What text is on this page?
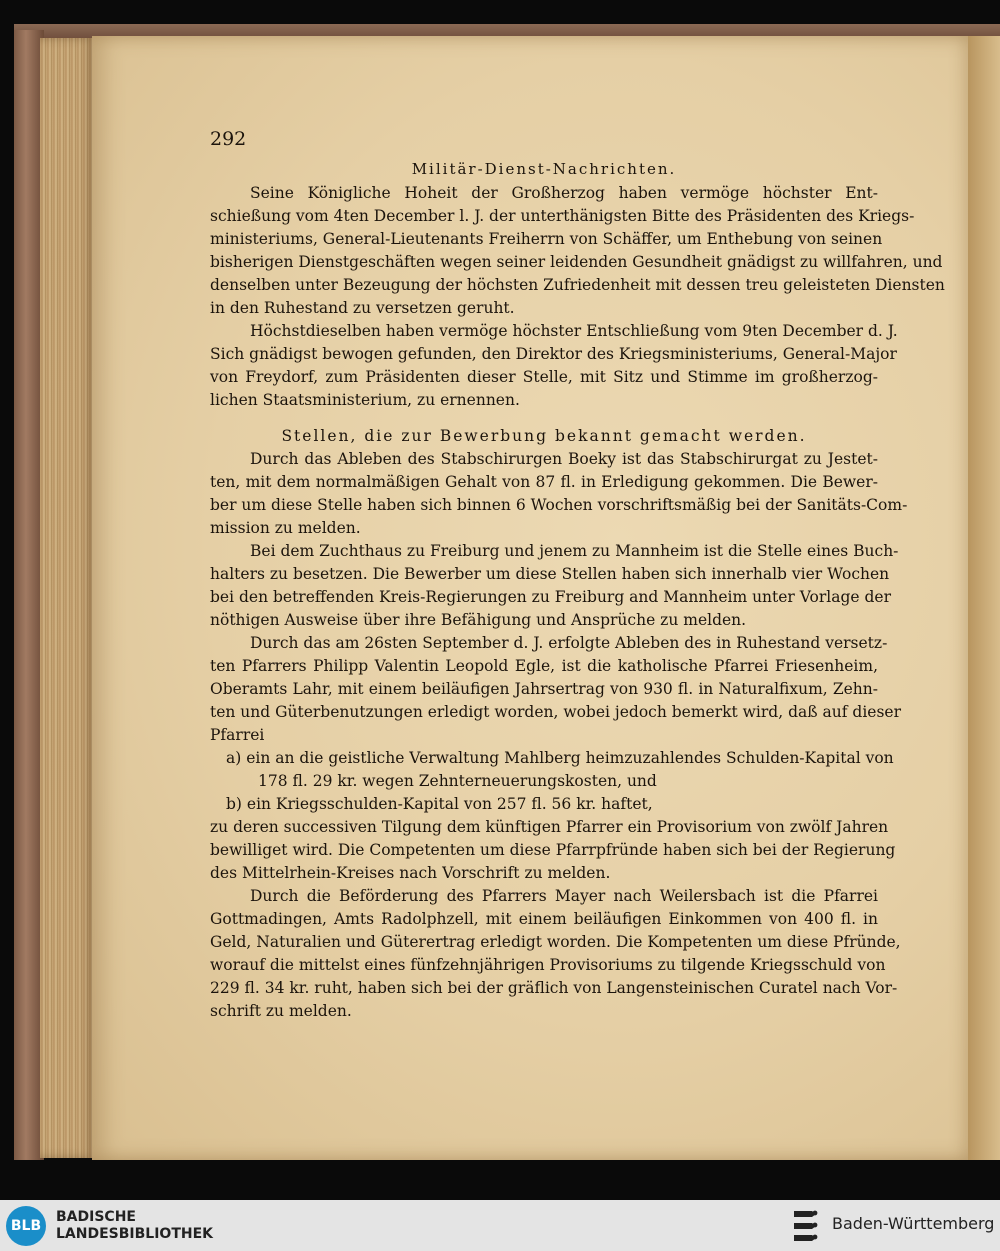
292
Militär-Dienst-Nachrichten.
Seine Königliche Hoheit der Großherzog haben vermöge höchster Ent-
schießung vom 4ten December l. J. der unterthänigsten Bitte des Präsidenten des Kriegs-
ministeriums, General-Lieutenants Freiherrn von Schäffer, um Enthebung von seinen
bisherigen Dienstgeschäften wegen seiner leidenden Gesundheit gnädigst zu willfahren, und
denselben unter Bezeugung der höchsten Zufriedenheit mit dessen treu geleisteten Diensten
in den Ruhestand zu versetzen geruht.
Höchstdieselben haben vermöge höchster Entschließung vom 9ten December d. J.
Sich gnädigst bewogen gefunden, den Direktor des Kriegsministeriums, General-Major
von Freydorf, zum Präsidenten dieser Stelle, mit Sitz und Stimme im großherzog-
lichen Staatsministerium, zu ernennen.
Stellen, die zur Bewerbung bekannt gemacht werden.
Durch das Ableben des Stabschirurgen Boeky ist das Stabschirurgat zu Jestet-
ten, mit dem normalmäßigen Gehalt von 87 fl. in Erledigung gekommen. Die Bewer-
ber um diese Stelle haben sich binnen 6 Wochen vorschriftsmäßig bei der Sanitäts-Com-
mission zu melden.
Bei dem Zuchthaus zu Freiburg und jenem zu Mannheim ist die Stelle eines Buch-
halters zu besetzen. Die Bewerber um diese Stellen haben sich innerhalb vier Wochen
bei den betreffenden Kreis-Regierungen zu Freiburg and Mannheim unter Vorlage der
nöthigen Ausweise über ihre Befähigung und Ansprüche zu melden.
Durch das am 26sten September d. J. erfolgte Ableben des in Ruhestand versetz-
ten Pfarrers Philipp Valentin Leopold Egle, ist die katholische Pfarrei Friesenheim,
Oberamts Lahr, mit einem beiläufigen Jahrsertrag von 930 fl. in Naturalfixum, Zehn-
ten und Güterbenutzungen erledigt worden, wobei jedoch bemerkt wird, daß auf dieser
Pfarrei
a) ein an die geistliche Verwaltung Mahlberg heimzuzahlendes Schulden-Kapital von
178 fl. 29 kr. wegen Zehnterneuerungskosten, und
b) ein Kriegsschulden-Kapital von 257 fl. 56 kr. haftet,
zu deren successiven Tilgung dem künftigen Pfarrer ein Provisorium von zwölf Jahren
bewilliget wird. Die Competenten um diese Pfarrpfründe haben sich bei der Regierung
des Mittelrhein-Kreises nach Vorschrift zu melden.
Durch die Beförderung des Pfarrers Mayer nach Weilersbach ist die Pfarrei
Gottmadingen, Amts Radolphzell, mit einem beiläufigen Einkommen von 400 fl. in
Geld, Naturalien und Güterertrag erledigt worden. Die Kompetenten um diese Pfründe,
worauf die mittelst eines fünfzehnjährigen Provisoriums zu tilgende Kriegsschuld von
229 fl. 34 kr. ruht, haben sich bei der gräflich von Langensteinischen Curatel nach Vor-
schrift zu melden.
BLB
BADISCHE
LANDESBIBLIOTHEK
Baden-Württemberg
